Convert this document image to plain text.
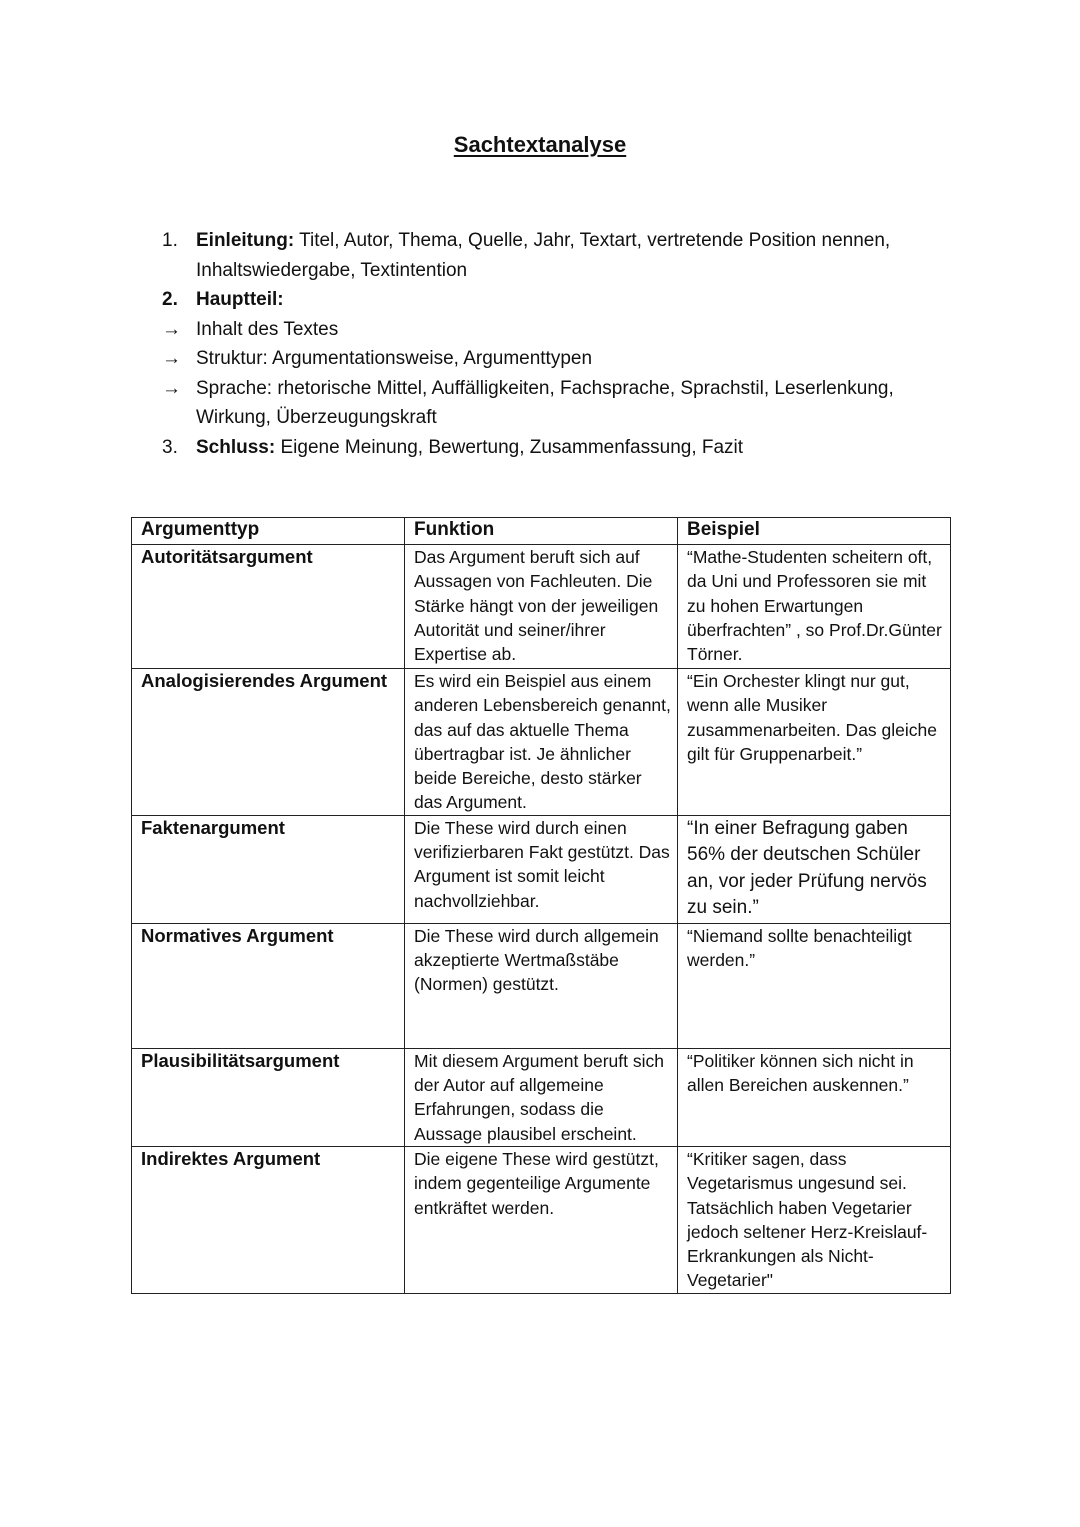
Sachtextanalyse
1. Einleitung: Titel, Autor, Thema, Quelle, Jahr, Textart, vertretende Position nennen, Inhaltswiedergabe, Textintention
2. Hauptteil:
→ Inhalt des Textes
→ Struktur: Argumentationsweise, Argumenttypen
→ Sprache: rhetorische Mittel, Auffälligkeiten, Fachsprache, Sprachstil, Leserlenkung, Wirkung, Überzeugungskraft
3. Schluss: Eigene Meinung, Bewertung, Zusammenfassung, Fazit
Argumenttyp	Funktion	Beispiel
Autoritätsargument	Das Argument beruft sich auf Aussagen von Fachleuten. Die Stärke hängt von der jeweiligen Autorität und seiner/ihrer Expertise ab.	“Mathe-Studenten scheitern oft, da Uni und Professoren sie mit zu hohen Erwartungen überfrachten” , so Prof.Dr.Günter Törner.
Analogisierendes Argument	Es wird ein Beispiel aus einem anderen Lebensbereich genannt, das auf das aktuelle Thema übertragbar ist. Je ähnlicher beide Bereiche, desto stärker das Argument.	“Ein Orchester klingt nur gut, wenn alle Musiker zusammenarbeiten. Das gleiche gilt für Gruppenarbeit.”
Faktenargument	Die These wird durch einen verifizierbaren Fakt gestützt. Das Argument ist somit leicht nachvollziehbar.	“In einer Befragung gaben 56% der deutschen Schüler an, vor jeder Prüfung nervös zu sein.”
Normatives Argument	Die These wird durch allgemein akzeptierte Wertmaßstäbe (Normen) gestützt.	“Niemand sollte benachteiligt werden.”
Plausibilitätsargument	Mit diesem Argument beruft sich der Autor auf allgemeine Erfahrungen, sodass die Aussage plausibel erscheint.	“Politiker können sich nicht in allen Bereichen auskennen.”
Indirektes Argument	Die eigene These wird gestützt, indem gegenteilige Argumente entkräftet werden.	“Kritiker sagen, dass Vegetarismus ungesund sei. Tatsächlich haben Vegetarier jedoch seltener Herz-Kreislauf-Erkrankungen als Nicht-Vegetarier"
